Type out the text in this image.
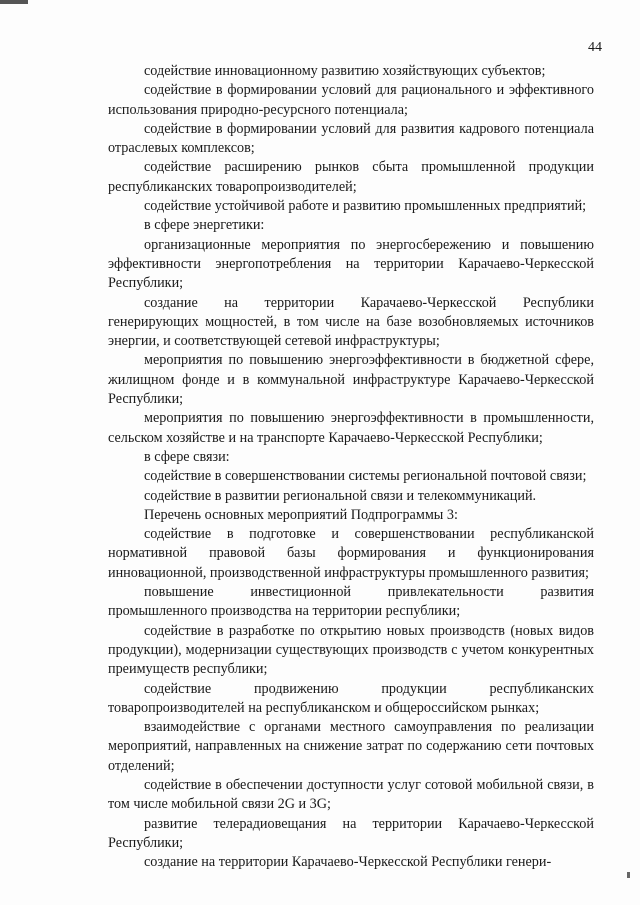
44

содействие инновационному развитию хозяйствующих субъектов;

содействие в формировании условий для рационального и эффективного использования природно-ресурсного потенциала;

содействие в формировании условий для развития кадрового потенциала отраслевых комплексов;

содействие расширению рынков сбыта промышленной продукции республиканских товаропроизводителей;

содействие устойчивой работе и развитию промышленных предприятий;

в сфере энергетики:

организационные мероприятия по энергосбережению и повышению эффективности энергопотребления на территории Карачаево-Черкесской Республики;

создание на территории Карачаево-Черкесской Республики генерирующих мощностей, в том числе на базе возобновляемых источников энергии, и соответствующей сетевой инфраструктуры;

мероприятия по повышению энергоэффективности в бюджетной сфере, жилищном фонде и в коммунальной инфраструктуре Карачаево-Черкесской Республики;

мероприятия по повышению энергоэффективности в промышленности, сельском хозяйстве и на транспорте Карачаево-Черкесской Республики;

в сфере связи:

содействие в совершенствовании системы региональной почтовой связи;

содействие в развитии региональной связи и телекоммуникаций.

Перечень основных мероприятий Подпрограммы 3:

содействие в подготовке и совершенствовании республиканской нормативной правовой базы формирования и функционирования инновационной, производственной инфраструктуры промышленного развития;

повышение инвестиционной привлекательности развития промышленного производства на территории республики;

содействие в разработке по открытию новых производств (новых видов продукции), модернизации существующих производств с учетом конкурентных преимуществ республики;

содействие продвижению продукции республиканских товаропроизводителей на республиканском и общероссийском рынках;

взаимодействие с органами местного самоуправления по реализации мероприятий, направленных на снижение затрат по содержанию сети почтовых отделений;

содействие в обеспечении доступности услуг сотовой мобильной связи, в том числе мобильной связи 2G и 3G;

развитие телерадиовещания на территории Карачаево-Черкесской Республики;

создание на территории Карачаево-Черкесской Республики генери-
